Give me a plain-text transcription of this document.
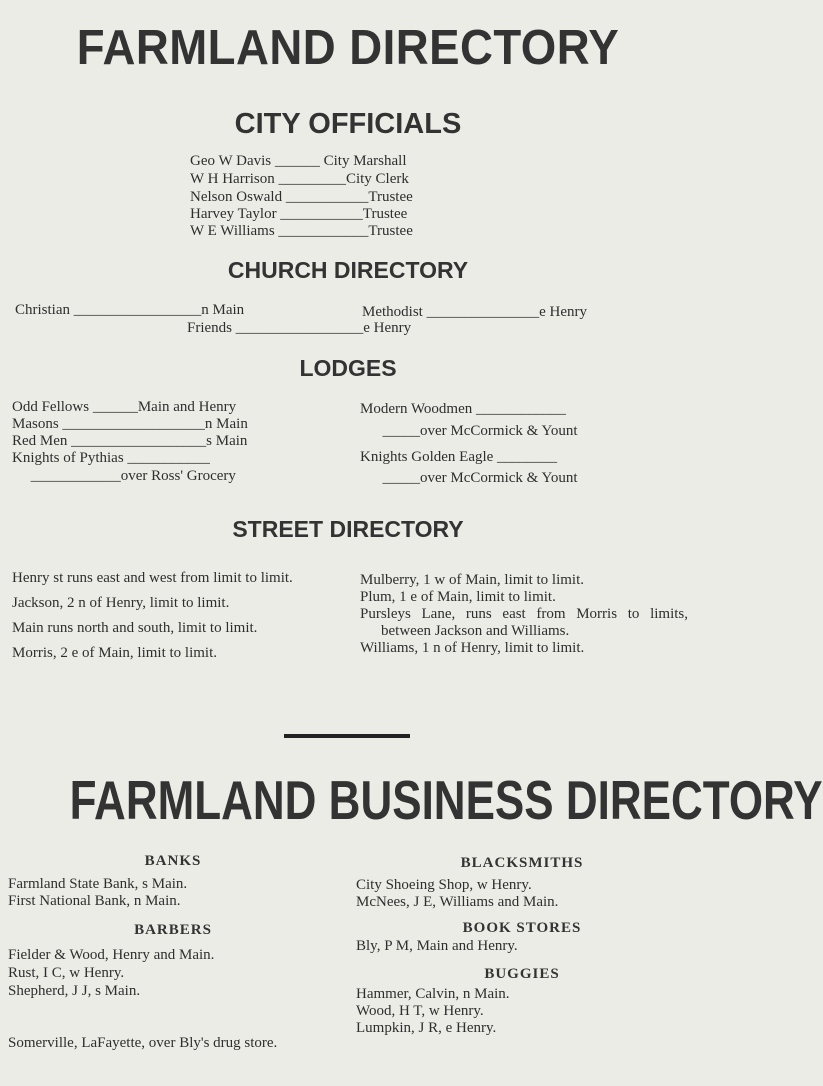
FARMLAND DIRECTORY
CITY OFFICIALS
Geo W Davis ______ City Marshall
W H Harrison _________City Clerk
Nelson Oswald ___________Trustee
Harvey Taylor ___________Trustee
W E Williams ____________Trustee
CHURCH DIRECTORY
Christian _________________n Main	Methodist _______________e Henry
Friends _________________e Henry
LODGES
Odd Fellows ______Main and Henry
Masons ___________________n Main
Red Men __________________s Main
Knights of Pythias ___________
____________over Ross' Grocery
Modern Woodmen ____________
_____over McCormick & Yount
Knights Golden Eagle ________
_____over McCormick & Yount
STREET DIRECTORY
Henry st runs east and west from limit to limit.
Jackson, 2 n of Henry, limit to limit.
Main runs north and south, limit to limit.
Morris, 2 e of Main, limit to limit.
Mulberry, 1 w of Main, limit to limit.
Plum, 1 e of Main, limit to limit.
Pursleys Lane, runs east from Morris to limits, between Jackson and Williams.
Williams, 1 n of Henry, limit to limit.
FARMLAND BUSINESS DIRECTORY
BANKS
Farmland State Bank, s Main.
First National Bank, n Main.
BARBERS
Fielder & Wood, Henry and Main.
Rust, I C, w Henry.
Shepherd, J J, s Main.

Somerville, LaFayette, over Bly's drug store.

BLACKSMITHS
City Shoeing Shop, w Henry.
McNees, J E, Williams and Main.
BOOK STORES
Bly, P M, Main and Henry.
BUGGIES
Hammer, Calvin, n Main.
Wood, H T, w Henry.
Lumpkin, J R, e Henry.
